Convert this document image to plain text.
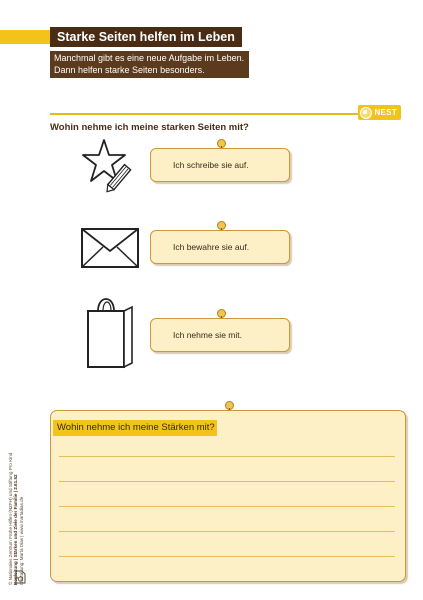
Starke Seiten helfen im Leben
Manchmal gibt es eine neue Aufgabe im Leben.
Dann helfen starke Seiten besonders.
NEST
Wohin nehme ich meine starken Seiten mit?
Ich schreibe sie auf.
Ich bewahre sie auf.
Ich nehme sie mit.
Wohin nehme ich meine Stärken mit?
© Nationales Zentrum Frühe Hilfen (NZFH) und Stiftung Pro Kind Begleitung | Stärken und Ziele der Familie | 2.61.52 Gestaltung: Marta Dias | www.martadias.de
